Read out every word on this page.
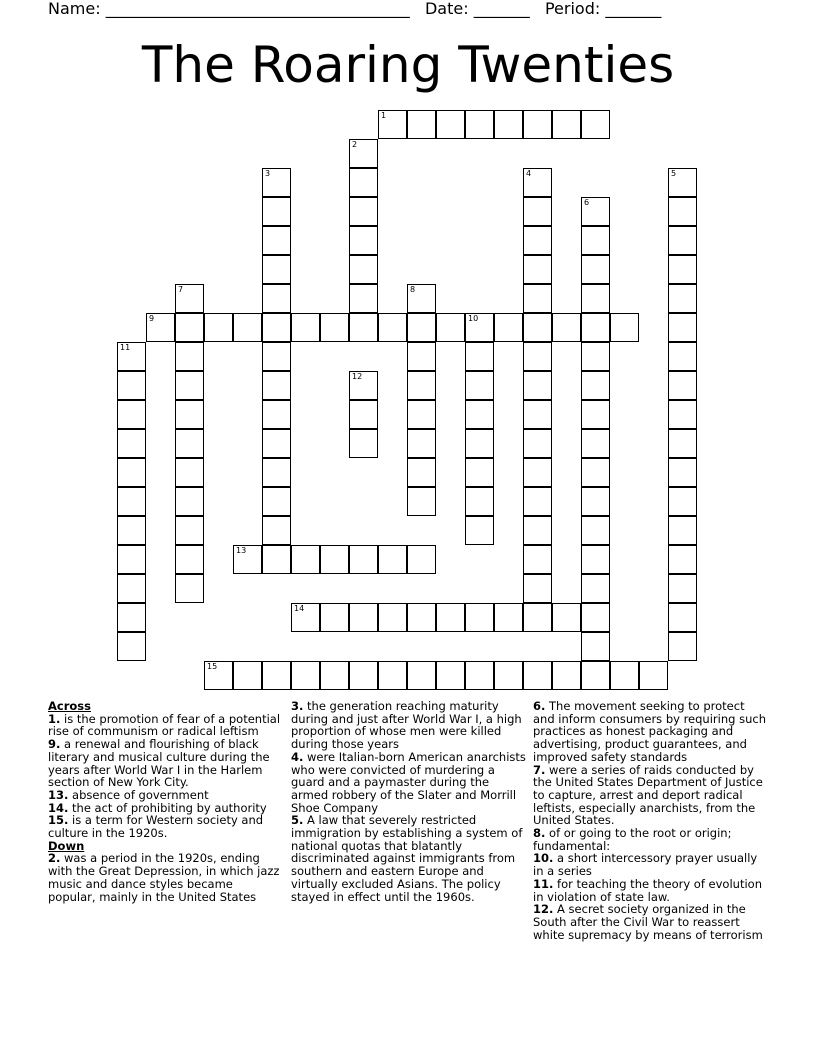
Name: ______________________________________ Date: _______ Period: _______
The Roaring Twenties
1
2
3	4	5
6
7	8
9	10
11
12
13
14
15

Across

1. is the promotion of fear of a potential rise of communism or radical leftism

9. a renewal and flourishing of black literary and musical culture during the years after World War I in the Harlem section of New York City.

13. absence of government

14. the act of prohibiting by authority

15. is a term for Western society and culture in the 1920s.

Down

2. was a period in the 1920s, ending with the Great Depression, in which jazz music and dance styles became popular, mainly in the United States

3. the generation reaching maturity during and just after World War I, a high proportion of whose men were killed during those years

4. were Italian-born American anarchists who were convicted of murdering a guard and a paymaster during the armed robbery of the Slater and Morrill Shoe Company

5. A law that severely restricted immigration by establishing a system of national quotas that blatantly discriminated against immigrants from southern and eastern Europe and virtually excluded Asians. The policy stayed in effect until the 1960s.

6. The movement seeking to protect and inform consumers by requiring such practices as honest packaging and advertising, product guarantees, and improved safety standards

7. were a series of raids conducted by the United States Department of Justice to capture, arrest and deport radical leftists, especially anarchists, from the United States.

8. of or going to the root or origin; fundamental:

10. a short intercessory prayer usually in a series

11. for teaching the theory of evolution in violation of state law.

12. A secret society organized in the South after the Civil War to reassert white supremacy by means of terrorism
